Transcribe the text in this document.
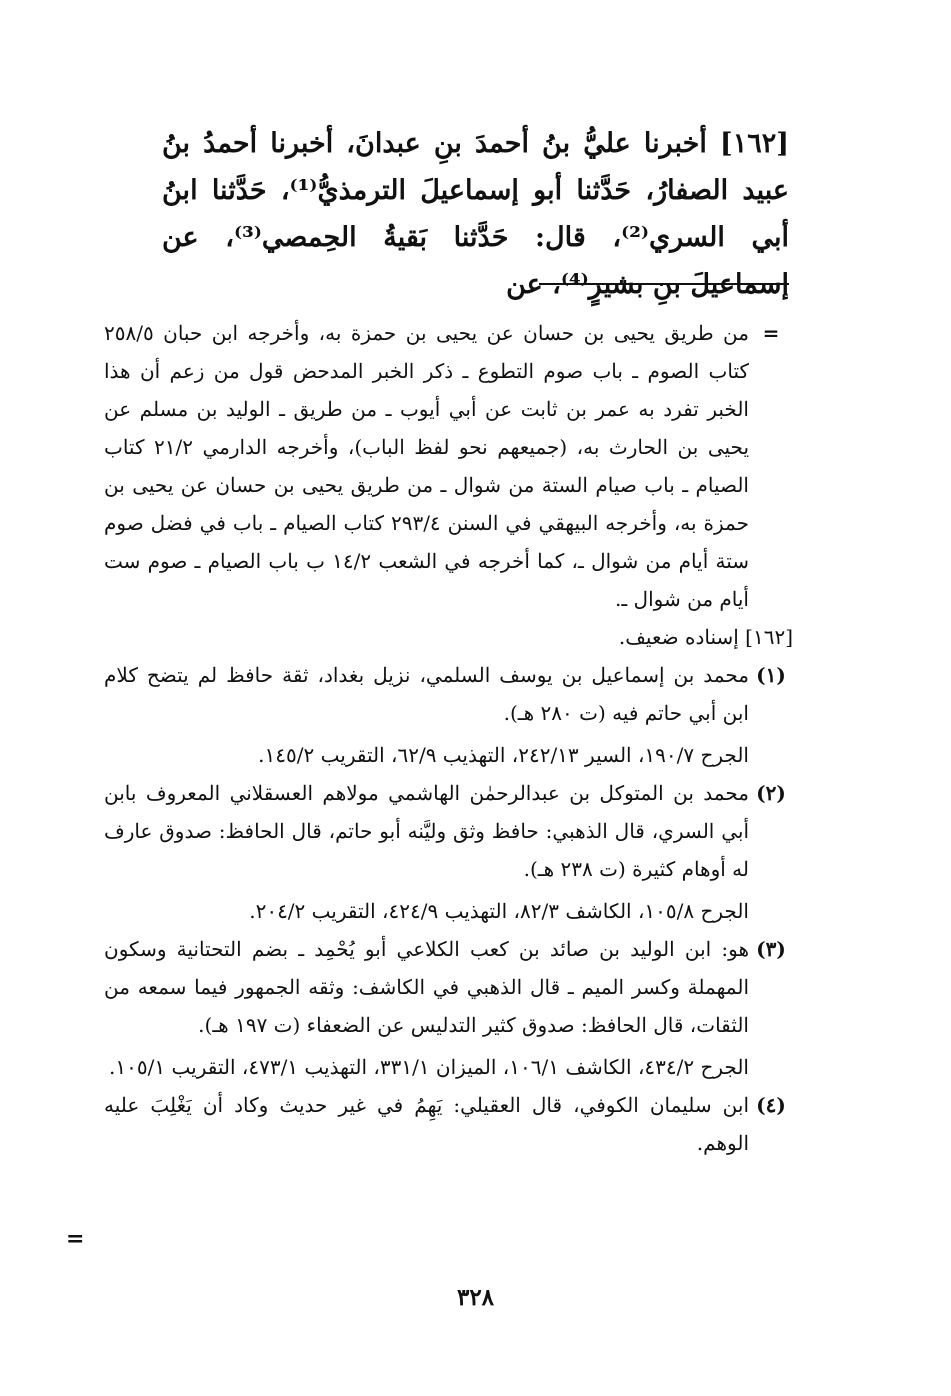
[١٦٢] أخبرنا عليُّ بنُ أحمدَ بنِ عبدانَ، أخبرنا أحمدُ بنُ عبيد الصفارُ، حَدَّثنا أبو إسماعيلَ الترمذيُّ⁽¹⁾، حَدَّثنا ابنُ أبي السري⁽²⁾، قال: حَدَّثنا بَقيةُ الحِمصي⁽³⁾، عن إسماعيلَ بنِ بشيرٍ⁽⁴⁾، عن
=

من طريق يحيى بن حسان عن يحيى بن حمزة به، وأخرجه ابن حبان ٢٥٨/٥ كتاب الصوم ـ باب صوم التطوع ـ ذكر الخبر المدحض قول من زعم أن هذا الخبر تفرد به عمر بن ثابت عن أبي أيوب ـ من طريق ـ الوليد بن مسلم عن يحيى بن الحارث به، (جميعهم نحو لفظ الباب)، وأخرجه الدارمي ٢١/٢ كتاب الصيام ـ باب صيام الستة من شوال ـ من طريق يحيى بن حسان عن يحيى بن حمزة به، وأخرجه البيهقي في السنن ٢٩٣/٤ كتاب الصيام ـ باب في فضل صوم ستة أيام من شوال ـ، كما أخرجه في الشعب ١٤/٢ ب باب الصيام ـ صوم ست أيام من شوال ـ.

[١٦٢] إسناده ضعيف.

(١)

محمد بن إسماعيل بن يوسف السلمي، نزيل بغداد، ثقة حافظ لم يتضح كلام ابن أبي حاتم فيه (ت ٢٨٠ هـ).

الجرح ١٩٠/٧، السير ٢٤٢/١٣، التهذيب ٦٢/٩، التقريب ١٤٥/٢.

(٢)

محمد بن المتوكل بن عبدالرحمٰن الهاشمي مولاهم العسقلاني المعروف بابن أبي السري، قال الذهبي: حافظ وثق وليَّنه أبو حاتم، قال الحافظ: صدوق عارف له أوهام كثيرة (ت ٢٣٨ هـ).

الجرح ١٠٥/٨، الكاشف ٨٢/٣، التهذيب ٤٢٤/٩، التقريب ٢٠٤/٢.

(٣)

هو: ابن الوليد بن صائد بن كعب الكلاعي أبو يُحْمِد ـ بضم التحتانية وسكون المهملة وكسر الميم ـ قال الذهبي في الكاشف: وثقه الجمهور فيما سمعه من الثقات، قال الحافظ: صدوق كثير التدليس عن الضعفاء (ت ١٩٧ هـ).

الجرح ٤٣٤/٢، الكاشف ١٠٦/١، الميزان ٣٣١/١، التهذيب ٤٧٣/١، التقريب ١٠٥/١.

(٤)

ابن سليمان الكوفي، قال العقيلي: يَهِمُ في غير حديث وكاد أن يَغْلِبَ عليه الوهم.

=
٣٢٨
